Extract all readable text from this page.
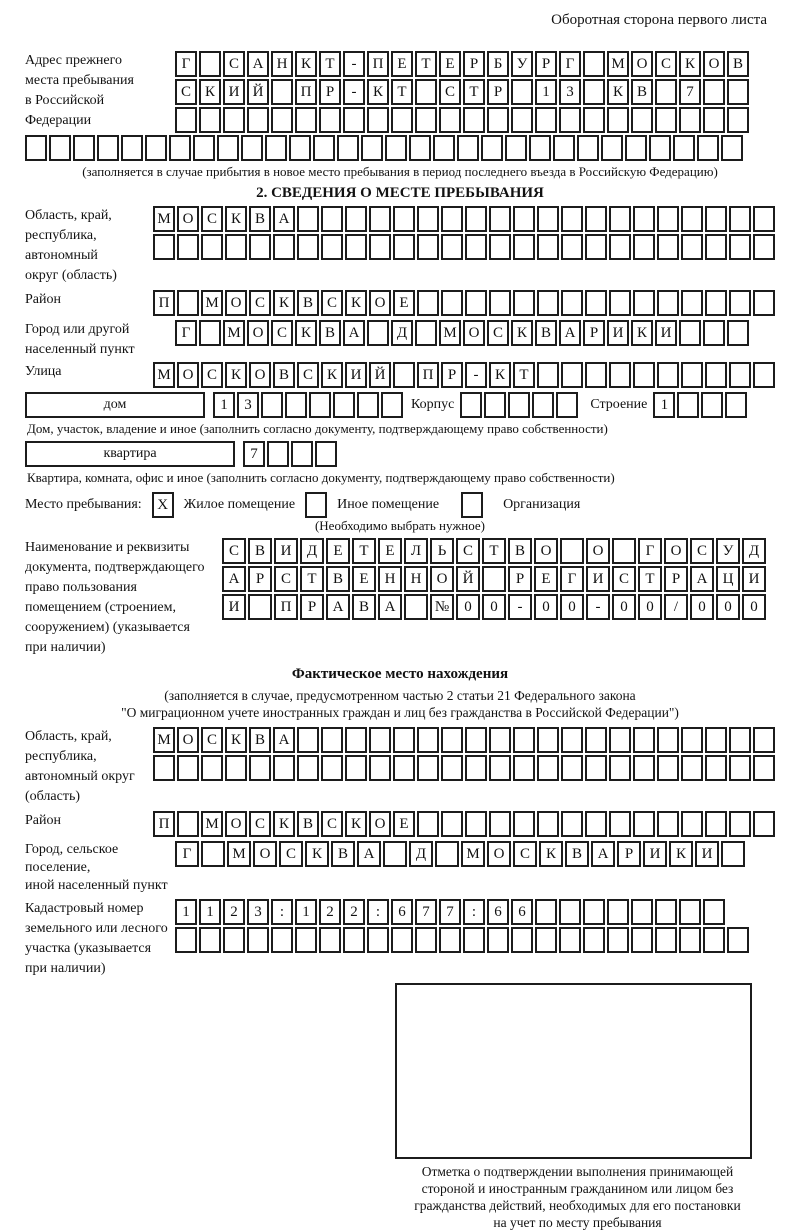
Оборотная сторона первого листа
Адрес прежнего
места пребывания
в Российской
Федерации
Г	С А Н К Т	-	П Е Т Е	Р	Б У Р	Г	М О С К О В
С К И Й	П Р	-	К Т	С Т	Р	1	3	К В	7
(заполняется в случае прибытия в новое место пребывания в период последнего въезда в Российскую Федерацию)
2. СВЕДЕНИЯ О МЕСТЕ ПРЕБЫВАНИЯ
Область, край,
республика,
автономный
округ (область)
М О С К В А
Район	П	М О С К В С К О Е
Город или другой
населенный пункт
Г	М О С К В А	Д	М О С К В А Р И К И
Улица	М О С К О В С К И Й	П Р	-	К Т
дом	1	3	Корпус	Строение 1
Дом, участок, владение и иное (заполнить согласно документу, подтверждающему право собственности)
квартира	7
Квартира, комната, офис и иное (заполнить согласно документу, подтверждающему право собственности)
Место пребывания:	X	Жилое помещение	Иное помещение	Организация
(Необходимо выбрать нужное)
Наименование и реквизиты
документа, подтверждающего
право пользования
помещением (строением,
сооружением) (указывается
при наличии)
С	В	И	Д	Е	Т	Е	Л	Ь	С	Т	В	О	О	Г	О	С	У	Д
А	Р	С	Т	В	Е	Н	Н	О	Й	Р	Е	Г	И	С	Т	Р	А	Ц	И
И	П	Р	А	В	А	№	0	0	-	0	0	-	0	0	/	0	0	0
Фактическое место нахождения
(заполняется в случае, предусмотренном частью 2 статьи 21 Федерального закона
"О миграционном учете иностранных граждан и лиц без гражданства в Российской Федерации")
Область, край,
республика,
автономный округ
(область)
М О С К В А
Район	П	М О С К В С К О Е
Город, сельское поселение,
иной населенный пункт
Г	М О	С	К	В	А	Д	М О	С	К	В	А	Р	И	К	И
Кадастровый номер
земельного или лесного
участка (указывается
при наличии)
1	1	2	3	:	1	2	2	:	6	7	7	:	6	6
Отметка о подтверждении выполнения принимающей
стороной и иностранным гражданином или лицом без
гражданства действий, необходимых для его постановки
на учет по месту пребывания
